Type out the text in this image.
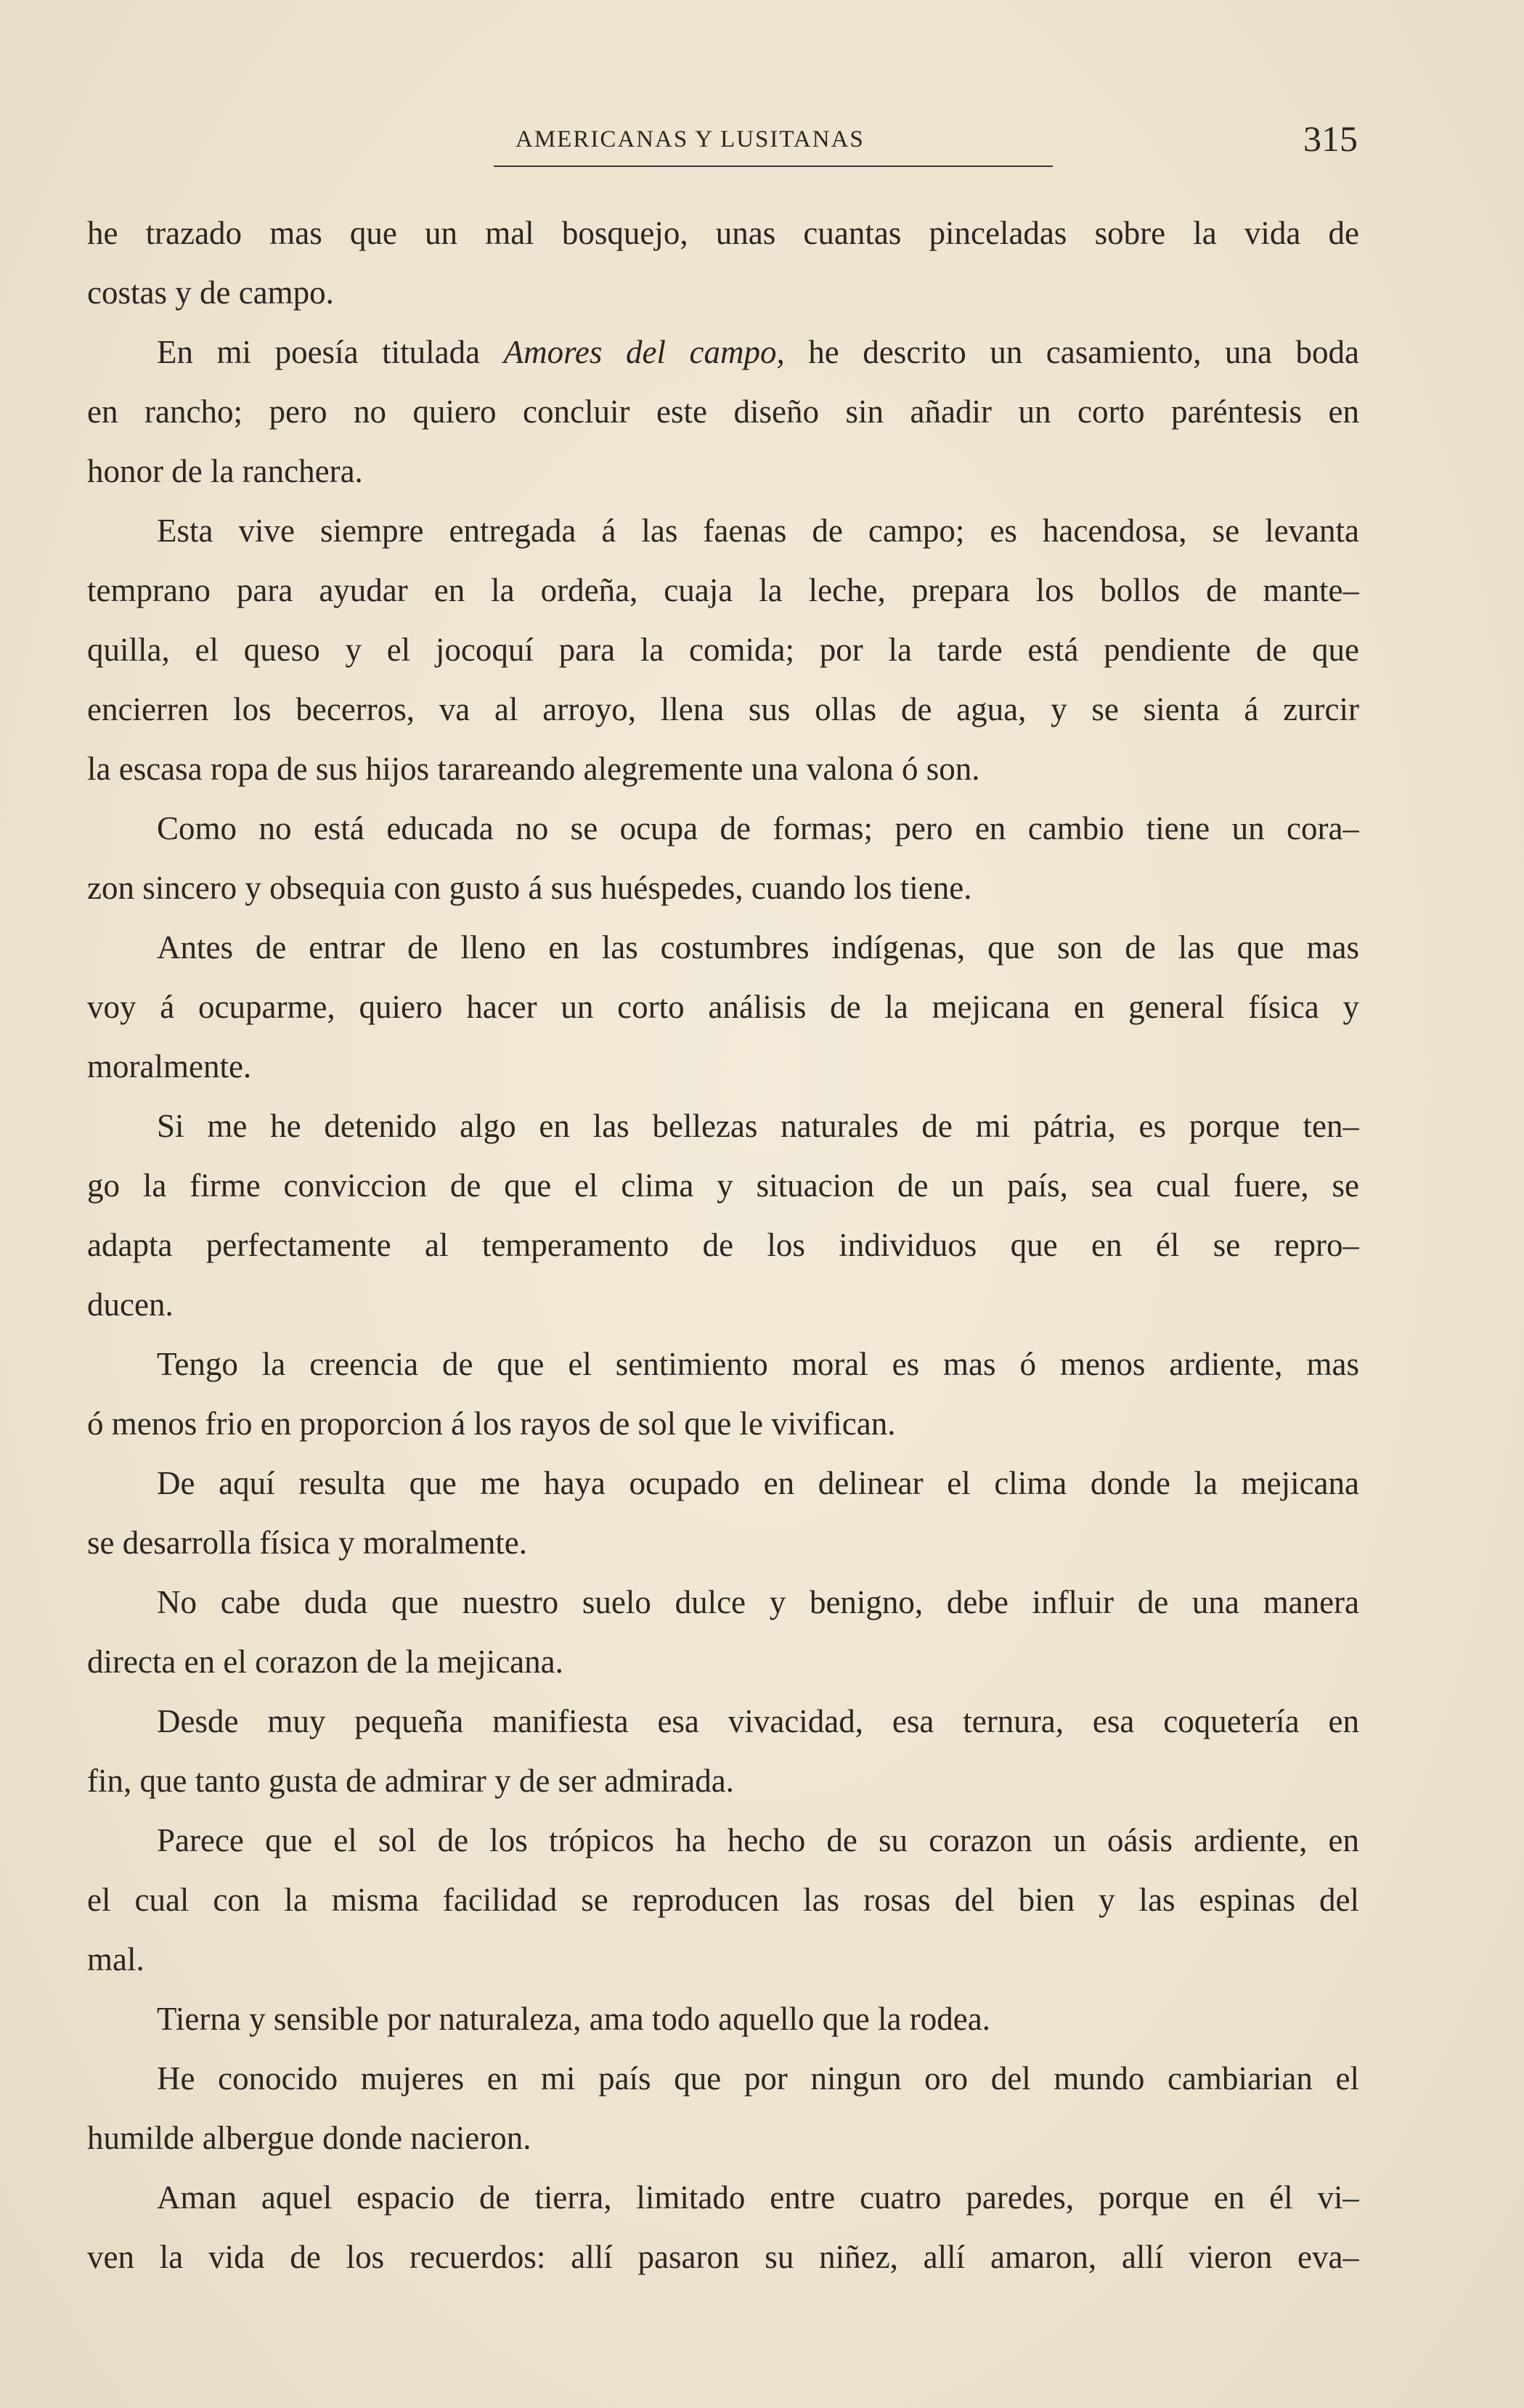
AMERICANAS Y LUSITANAS	315
he trazado mas que un mal bosquejo, unas cuantas pinceladas sobre la vida de
costas y de campo.
En mi poesía titulada Amores del campo, he descrito un casamiento, una boda
en rancho; pero no quiero concluir este diseño sin añadir un corto paréntesis en
honor de la ranchera.
Esta vive siempre entregada á las faenas de campo; es hacendosa, se levanta
temprano para ayudar en la ordeña, cuaja la leche, prepara los bollos de mante–
quilla, el queso y el jocoquí para la comida; por la tarde está pendiente de que
encierren los becerros, va al arroyo, llena sus ollas de agua, y se sienta á zurcir
la escasa ropa de sus hijos tarareando alegremente una valona ó son.
Como no está educada no se ocupa de formas; pero en cambio tiene un cora–
zon sincero y obsequia con gusto á sus huéspedes, cuando los tiene.
Antes de entrar de lleno en las costumbres indígenas, que son de las que mas
voy á ocuparme, quiero hacer un corto análisis de la mejicana en general física y
moralmente.
Si me he detenido algo en las bellezas naturales de mi pátria, es porque ten–
go la firme conviccion de que el clima y situacion de un país, sea cual fuere, se
adapta perfectamente al temperamento de los individuos que en él se repro–
ducen.
Tengo la creencia de que el sentimiento moral es mas ó menos ardiente, mas
ó menos frio en proporcion á los rayos de sol que le vivifican.
De aquí resulta que me haya ocupado en delinear el clima donde la mejicana
se desarrolla física y moralmente.
No cabe duda que nuestro suelo dulce y benigno, debe influir de una manera
directa en el corazon de la mejicana.
Desde muy pequeña manifiesta esa vivacidad, esa ternura, esa coquetería en
fin, que tanto gusta de admirar y de ser admirada.
Parece que el sol de los trópicos ha hecho de su corazon un oásis ardiente, en
el cual con la misma facilidad se reproducen las rosas del bien y las espinas del
mal.
Tierna y sensible por naturaleza, ama todo aquello que la rodea.
He conocido mujeres en mi país que por ningun oro del mundo cambiarian el
humilde albergue donde nacieron.
Aman aquel espacio de tierra, limitado entre cuatro paredes, porque en él vi–
ven la vida de los recuerdos: allí pasaron su niñez, allí amaron, allí vieron eva–
